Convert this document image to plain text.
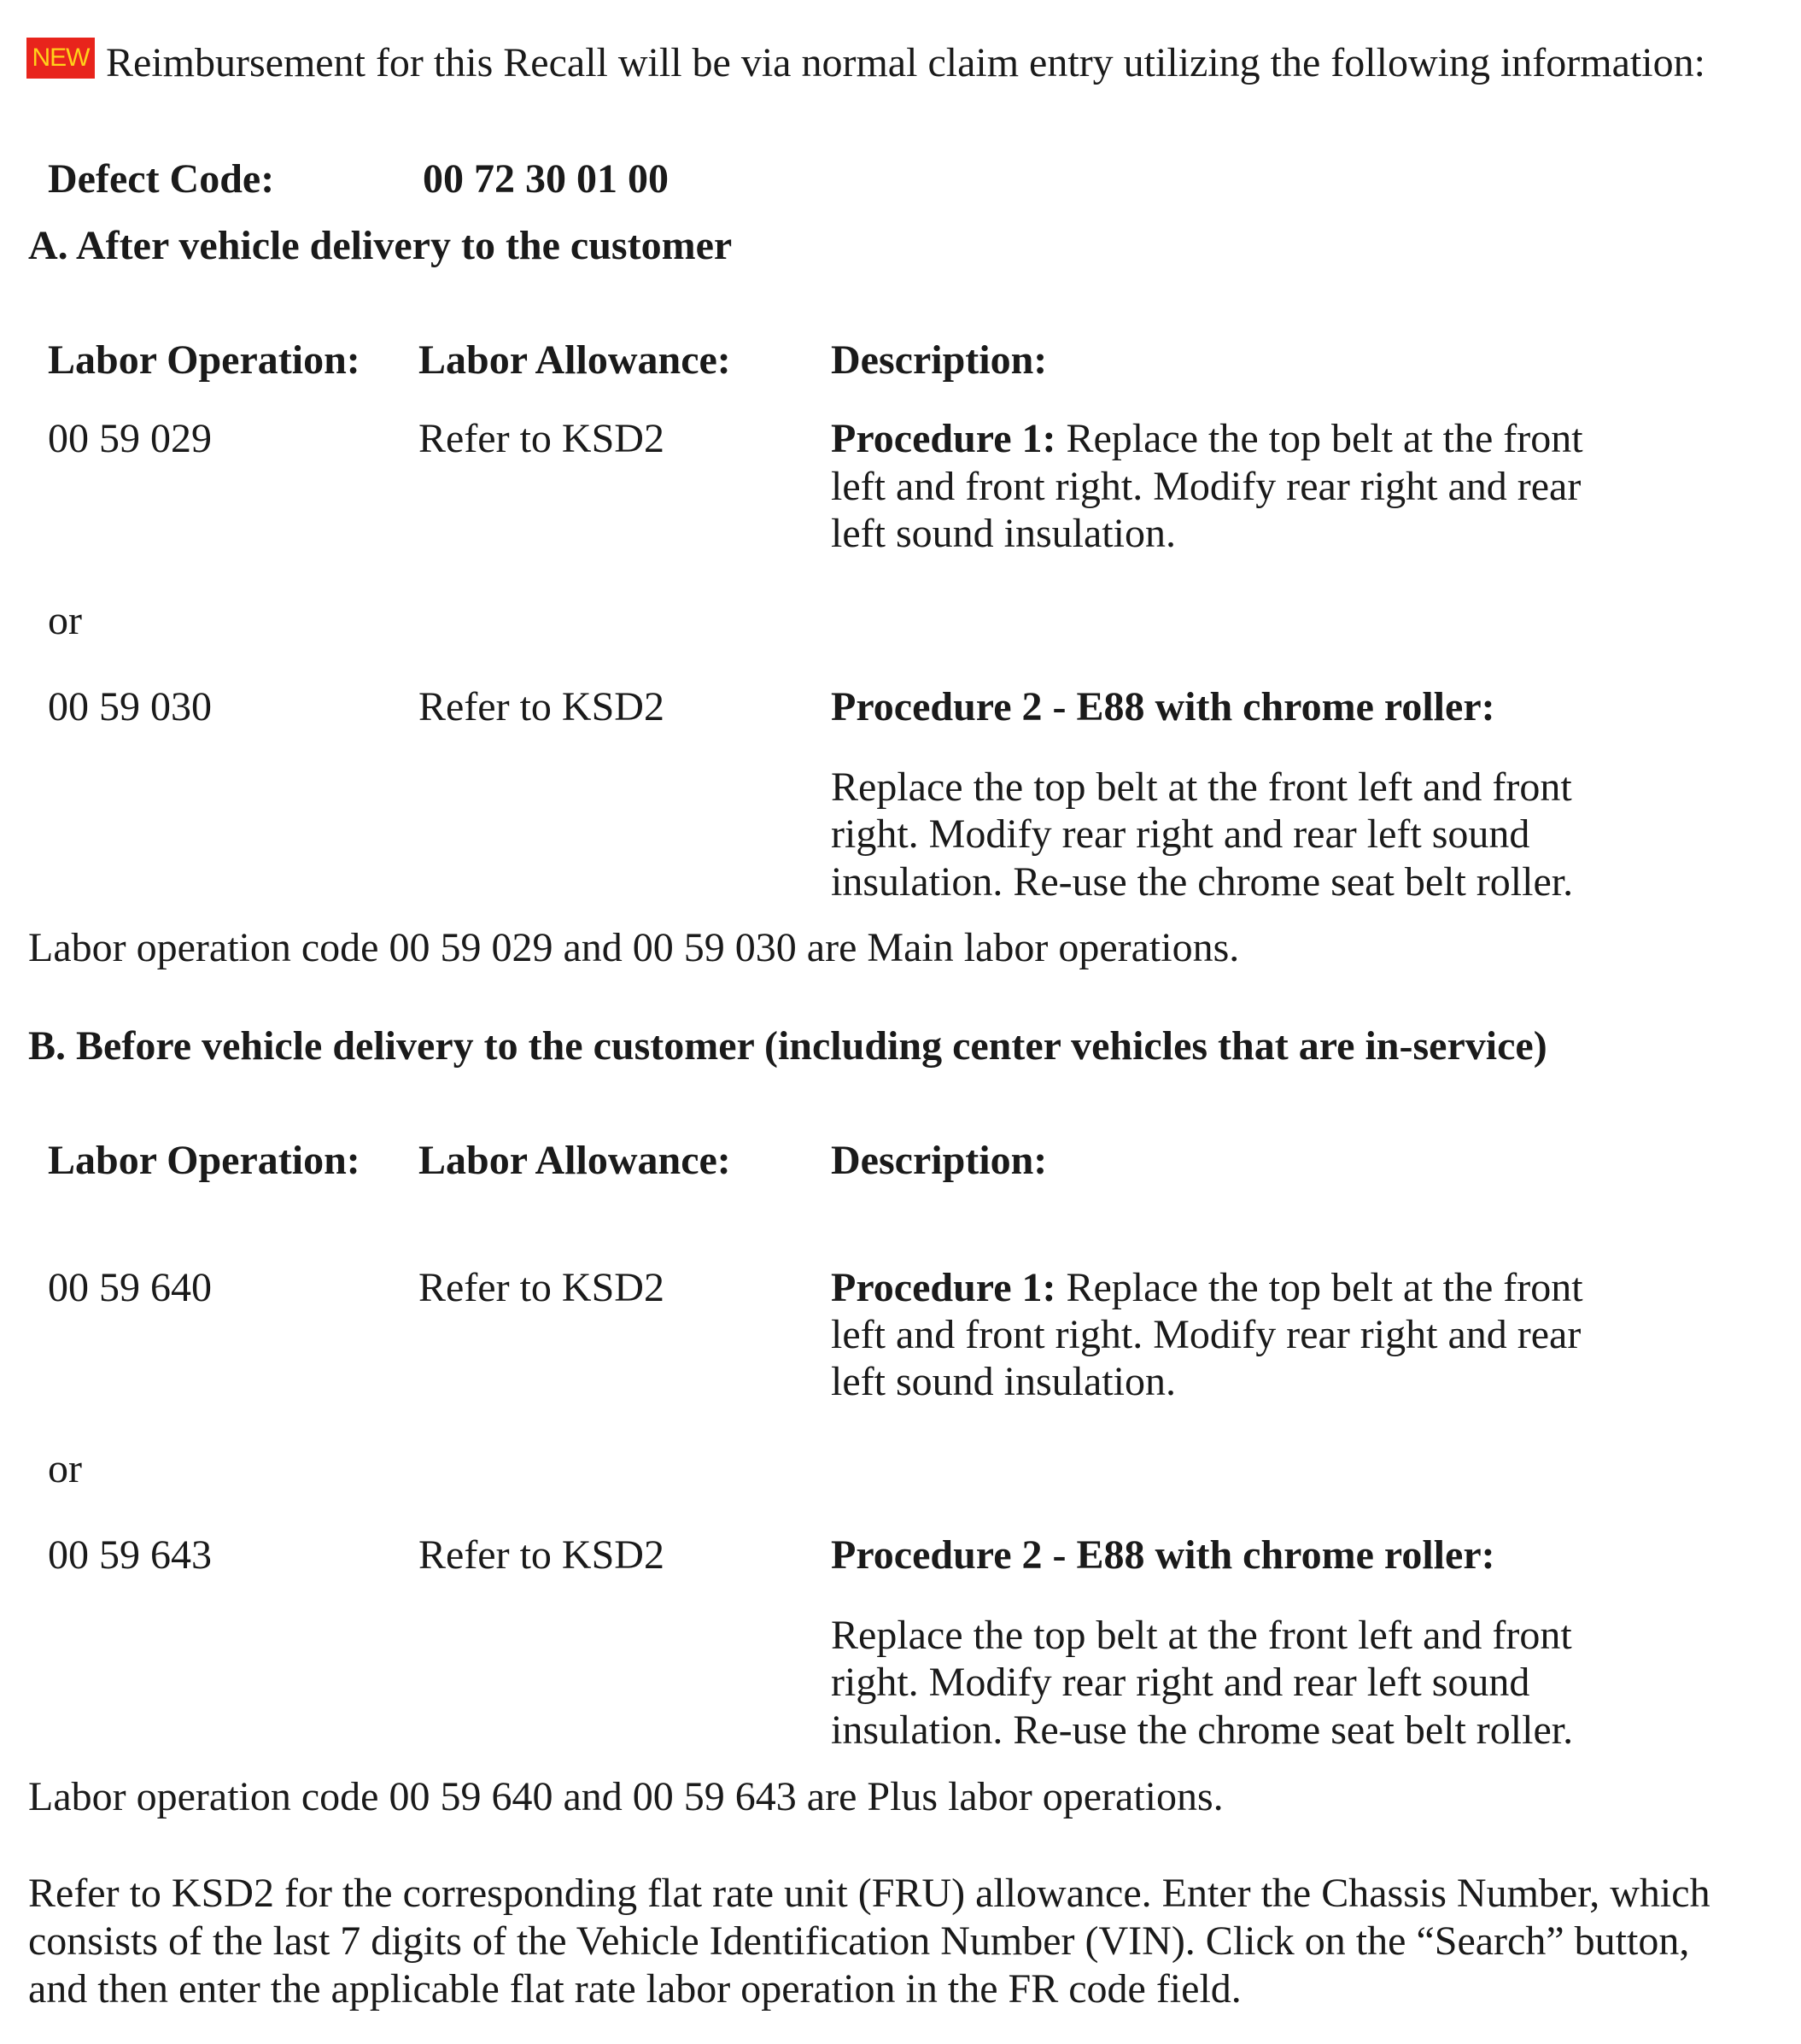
NEW Reimbursement for this Recall will be via normal claim entry utilizing the following information:
Defect Code:	00 72 30 01 00
A. After vehicle delivery to the customer
Labor Operation: Labor Allowance: Description:
00 59 029	Refer to KSD2	Procedure 1: Replace the top belt at the front
left and front right. Modify rear right and rear
left sound insulation.
or
00 59 030	Refer to KSD2	Procedure 2 - E88 with chrome roller:
Replace the top belt at the front left and front
right. Modify rear right and rear left sound
insulation. Re-use the chrome seat belt roller.
Labor operation code 00 59 029 and 00 59 030 are Main labor operations.
B. Before vehicle delivery to the customer (including center vehicles that are in-service)
Labor Operation: Labor Allowance: Description:
00 59 640	Refer to KSD2	Procedure 1: Replace the top belt at the front
left and front right. Modify rear right and rear
left sound insulation.
or
00 59 643	Refer to KSD2	Procedure 2 - E88 with chrome roller:
Replace the top belt at the front left and front
right. Modify rear right and rear left sound
insulation. Re-use the chrome seat belt roller.
Labor operation code 00 59 640 and 00 59 643 are Plus labor operations.
Refer to KSD2 for the corresponding flat rate unit (FRU) allowance. Enter the Chassis Number, which
consists of the last 7 digits of the Vehicle Identification Number (VIN). Click on the “Search” button,
and then enter the applicable flat rate labor operation in the FR code field.
